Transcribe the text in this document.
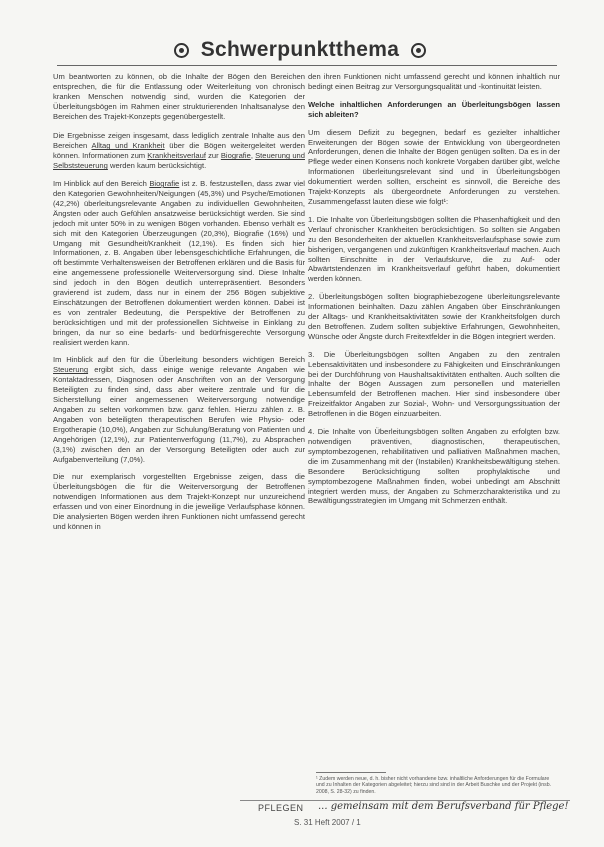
Schwerpunktthema

Um beantworten zu können, ob die Inhalte der Bögen den Bereichen entsprechen, die für die Entlassung oder Weiterleitung von chronisch kranken Menschen notwendig sind, wurden die Kategorien der Überleitungsbögen im Rahmen einer strukturierenden Inhaltsanalyse den Bereichen des Trajekt-Konzepts gegenübergestellt.

Die Ergebnisse zeigen insgesamt, dass lediglich zentrale Inhalte aus den Bereichen Alltag und Krankheit über die Bögen weitergeleitet werden können. Informationen zum Krankheitsverlauf zur Biografie, Steuerung und Selbststeuerung werden kaum berücksichtigt.

Im Hinblick auf den Bereich Biografie ist z. B. festzustellen, dass zwar viel den Kategorien Gewohnheiten/Neigungen (45,3%) und Psyche/Emotionen (42,2%) überleitungsrelevante Angaben zu individuellen Gewohnheiten, Ängsten oder auch Gefühlen ansatzweise berücksichtigt werden. Sie sind jedoch mit unter 50% in zu wenigen Bögen vorhanden. Ebenso verhält es sich mit den Kategorien Überzeugungen (20,3%), Biografie (16%) und Umgang mit Gesundheit/Krankheit (12,1%). Es finden sich hier Informationen, z. B. Angaben über lebensgeschichtliche Erfahrungen, die oft bestimmte Verhaltensweisen der Betroffenen erklären und die Basis für eine angemessene professionelle Weiterversorgung sind. Diese Inhalte sind jedoch in den Bögen deutlich unterrepräsentiert. Besonders gravierend ist zudem, dass nur in einem der 256 Bögen subjektive Einschätzungen der Betroffenen dokumentiert werden können. Dabei ist es von zentraler Bedeutung, die Perspektive der Betroffenen zu berücksichtigen und mit der professionellen Sichtweise in Einklang zu bringen, da nur so eine bedarfs- und bedürfnisgerechte Versorgung realisiert werden kann.

Im Hinblick auf den für die Überleitung besonders wichtigen Bereich Steuerung ergibt sich, dass einige wenige relevante Angaben wie Kontaktadressen, Diagnosen oder Anschriften von an der Versorgung Beteiligten zu finden sind, dass aber weitere zentrale und für die Sicherstellung einer angemessenen Weiterversorgung notwendige Angaben zu selten vorkommen bzw. ganz fehlen. Hierzu zählen z. B. Angaben von beteiligten therapeutischen Berufen wie Physio- oder Ergotherapie (10,0%), Angaben zur Schulung/Beratung von Patienten und Angehörigen (12,1%), zur Patientenverfügung (11,7%), zu Absprachen (3,1%) zwischen den an der Versorgung Beteiligten oder auch zur Aufgabenverteilung (7,0%).

Die nur exemplarisch vorgestellten Ergebnisse zeigen, dass die Überleitungsbögen die für die Weiterversorgung der Betroffenen notwendigen Informationen aus dem Trajekt-Konzept nur unzureichend erfassen und von einer Einordnung in die jeweilige Verlaufsphase können. Die analysierten Bögen werden ihren Funktionen nicht umfassend gerecht und können in

den ihren Funktionen nicht umfassend gerecht und können inhaltlich nur bedingt einen Beitrag zur Versorgungsqualität und -kontinuität leisten.

Welche inhaltlichen Anforderungen an Überleitungsbögen lassen sich ableiten?

Um diesem Defizit zu begegnen, bedarf es gezielter inhaltlicher Erweiterungen der Bögen sowie der Entwicklung von übergeordneten Anforderungen, denen die Inhalte der Bögen genügen sollten. Da es in der Pflege weder einen Konsens noch konkrete Vorgaben darüber gibt, welche Informationen überleitungsrelevant sind und in Überleitungsbögen dokumentiert werden sollten, erscheint es sinnvoll, die Bereiche des Trajekt-Konzepts als übergeordnete Anforderungen zu verstehen. Zusammengefasst lauten diese wie folgt¹:

1. Die Inhalte von Überleitungsbögen sollten die Phasenhaftigkeit und den Verlauf chronischer Krankheiten berücksichtigen. So sollten sie Angaben zu den Besonderheiten der aktuellen Krankheitsverlaufsphase sowie zum bisherigen, vergangenen und zukünftigen Krankheitsverlauf machen. Auch sollten Einschnitte in der Verlaufskurve, die zu Auf- oder Abwärtstendenzen im Krankheitsverlauf geführt haben, dokumentiert werden können.

2. Überleitungsbögen sollten biographiebezogene überleitungsrelevante Informationen beinhalten. Dazu zählen Angaben über Einschränkungen der Alltags- und Krankheitsaktivitäten sowie der Krankheitsfolgen durch den Betroffenen. Zudem sollten subjektive Erfahrungen, Gewohnheiten, Wünsche oder Ängste durch Freitextfelder in die Bögen integriert werden.

3. Die Überleitungsbögen sollten Angaben zu den zentralen Lebensaktivitäten und insbesondere zu Fähigkeiten und Einschränkungen bei der Durchführung von Haushaltsaktivitäten enthalten. Auch sollten die Inhalte der Bögen Aussagen zum personellen und materiellen Lebensumfeld der Betroffenen machen. Hier sind insbesondere über Freizeitfaktor Angaben zur Sozial-, Wohn- und Versorgungssituation der Betroffenen in die Bögen einzuarbeiten.

4. Die Inhalte von Überleitungsbögen sollten Angaben zu erfolgten bzw. notwendigen präventiven, diagnostischen, therapeutischen, symptombezogenen, rehabilitativen und palliativen Maßnahmen machen, die im Zusammenhang mit der (Instabilen) Krankheitsbewältigung stehen. Besondere Berücksichtigung sollten prophylaktische und symptombezogene Maßnahmen finden, wobei unbedingt am Abschnitt integriert werden muss, der Angaben zu Schmerzcharakteristika und zu Bewältigungsstrategien im Umgang mit Schmerzen enthält.

¹ Zudem werden neue, d. h. bisher nicht vorhandene bzw. inhaltliche Anforderungen für die Formulare und zu Inhalten der Kategorien abgeleitet; hierzu sind sind in der Arbeit Buschke und der Projekt (insb. 2008, S. 28-32) zu finden.
PFLEGEN ... gemeinsam mit dem Berufsverband für Pflege!
S. 31 Heft 2007 / 1
